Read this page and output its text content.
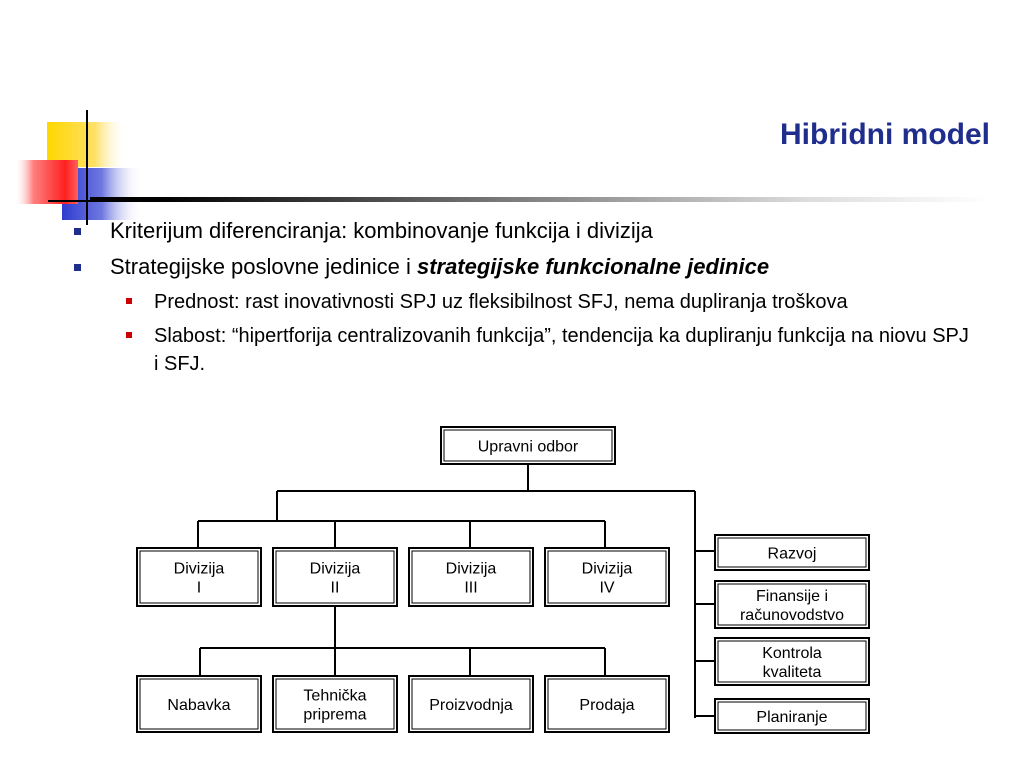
Hibridni model
Kriterijum diferenciranja: kombinovanje funkcija i divizija
Strategijske poslovne jedinice i strategijske funkcionalne jedinice
Prednost: rast inovativnosti SPJ uz fleksibilnost SFJ, nema dupliranja troškova
Slabost: “hipertforija centralizovanih funkcija”, tendencija ka dupliranju funkcija na niovu SPJ i SFJ.
Upravni odbor
Divizija
I
Divizija
II
Divizija
III
Divizija
IV
Nabavka
Tehnička
priprema
Proizvodnja	Prodaja
Razvoj
Finansije i
računovodstvo
Kontrola
kvaliteta
Planiranje
